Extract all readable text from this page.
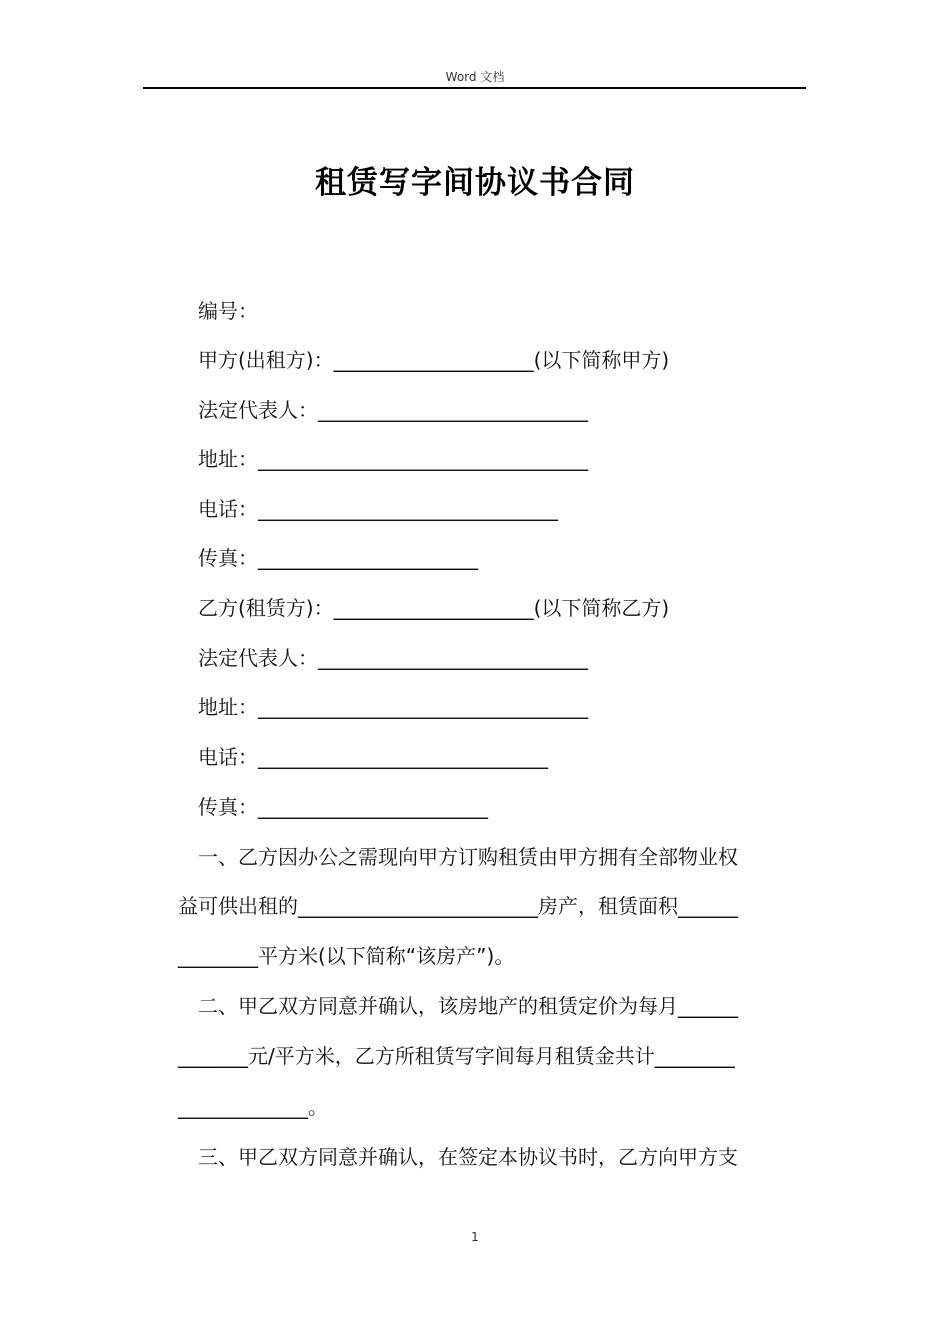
Word 文档
租赁写字间协议书合同
编号：
甲方(出租方)：____________________(以下简称甲方)
法定代表人：___________________________
地址：_________________________________
电话：______________________________
传真：______________________
乙方(租赁方)：____________________(以下简称乙方)
法定代表人：___________________________
地址：_________________________________
电话：_____________________________
传真：_______________________
一、乙方因办公之需现向甲方订购租赁由甲方拥有全部物业权
益可供出租的________________________房产，租赁面积______
________平方米(以下简称“该房产”)。
二、甲乙双方同意并确认，该房地产的租赁定价为每月______
_______元/平方米，乙方所租赁写字间每月租赁金共计________
_____________。
三、甲乙双方同意并确认，在签定本协议书时，乙方向甲方支
1
